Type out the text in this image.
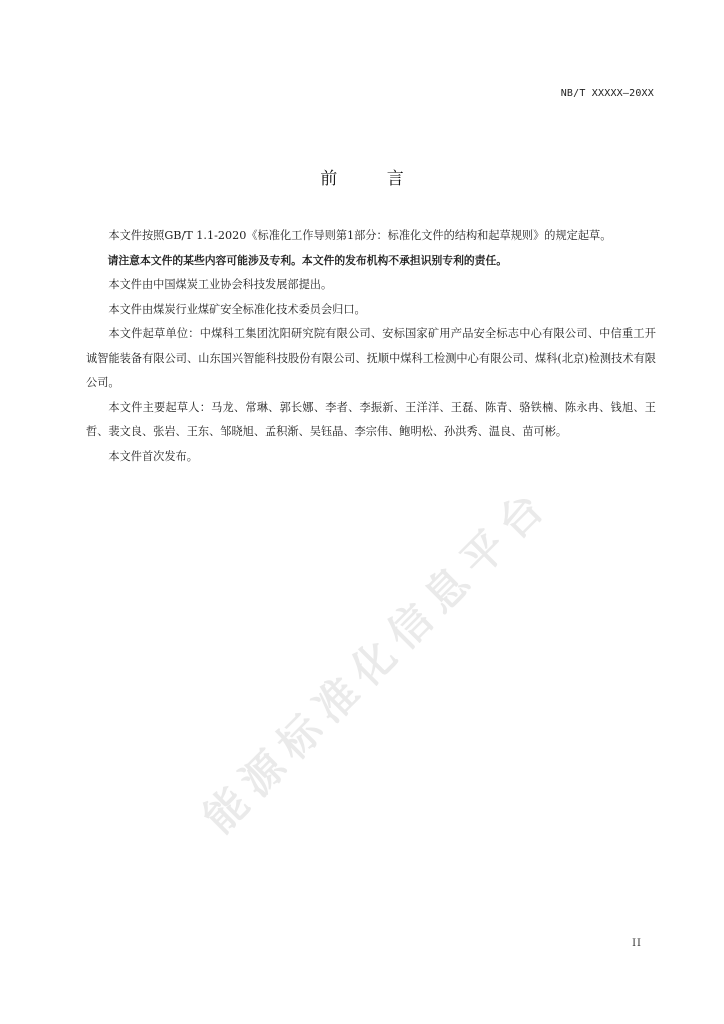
NB/T XXXXX—20XX
前 言

本文件按照GB/T 1.1-2020《标准化工作导则第1部分：标准化文件的结构和起草规则》的规定起草。

请注意本文件的某些内容可能涉及专利。本文件的发布机构不承担识别专利的责任。

本文件由中国煤炭工业协会科技发展部提出。

本文件由煤炭行业煤矿安全标准化技术委员会归口。

本文件起草单位：中煤科工集团沈阳研究院有限公司、安标国家矿用产品安全标志中心有限公司、中信重工开诚智能装备有限公司、山东国兴智能科技股份有限公司、抚顺中煤科工检测中心有限公司、煤科(北京)检测技术有限公司。

本文件主要起草人：马龙、常琳、郭长娜、李者、李振新、王洋洋、王磊、陈青、骆铁楠、陈永冉、钱旭、王哲、裴文良、张岩、王东、邹晓旭、孟积渐、吴钰晶、李宗伟、鲍明松、孙洪秀、温良、苗可彬。

本文件首次发布。

能源标准化信息平台
II
